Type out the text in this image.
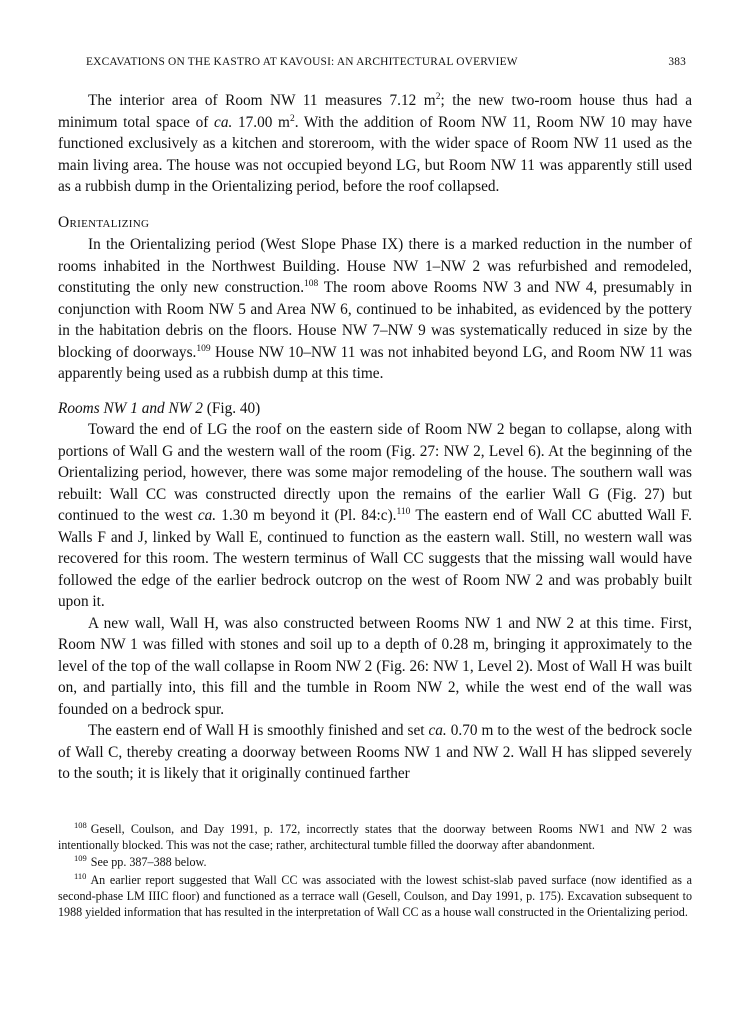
EXCAVATIONS ON THE KASTRO AT KAVOUSI: AN ARCHITECTURAL OVERVIEW	383

The interior area of Room NW 11 measures 7.12 $m^2$; the new two-room house thus had a minimum total space of ca. 17.00 $m^2$. With the addition of Room NW 11, Room NW 10 may have functioned exclusively as a kitchen and storeroom, with the wider space of Room NW 11 used as the main living area. The house was not occupied beyond LG, but Room NW 11 was apparently still used as a rubbish dump in the Orientalizing period, before the roof collapsed.

Orientalizing

In the Orientalizing period (West Slope Phase IX) there is a marked reduction in the number of rooms inhabited in the Northwest Building. House NW 1–NW 2 was refurbished and remodeled, constituting the only new construction.$^{108}$ The room above Rooms NW 3 and NW 4, presumably in conjunction with Room NW 5 and Area NW 6, continued to be inhabited, as evidenced by the pottery in the habitation debris on the floors. House NW 7–NW 9 was systematically reduced in size by the blocking of doorways.$^{109}$ House NW 10–NW 11 was not inhabited beyond LG, and Room NW 11 was apparently being used as a rubbish dump at this time.

Rooms NW 1 and NW 2 (Fig. 40)

Toward the end of LG the roof on the eastern side of Room NW 2 began to collapse, along with portions of Wall G and the western wall of the room (Fig. 27: NW 2, Level 6). At the beginning of the Orientalizing period, however, there was some major remodeling of the house. The southern wall was rebuilt: Wall CC was constructed directly upon the remains of the earlier Wall G (Fig. 27) but continued to the west ca. 1.30 m beyond it (Pl. 84:c).$^{110}$ The eastern end of Wall CC abutted Wall F. Walls F and J, linked by Wall E, continued to function as the eastern wall. Still, no western wall was recovered for this room. The western terminus of Wall CC suggests that the missing wall would have followed the edge of the earlier bedrock outcrop on the west of Room NW 2 and was probably built upon it.

A new wall, Wall H, was also constructed between Rooms NW 1 and NW 2 at this time. First, Room NW 1 was filled with stones and soil up to a depth of 0.28 m, bringing it approximately to the level of the top of the wall collapse in Room NW 2 (Fig. 26: NW 1, Level 2). Most of Wall H was built on, and partially into, this fill and the tumble in Room NW 2, while the west end of the wall was founded on a bedrock spur.

The eastern end of Wall H is smoothly finished and set ca. 0.70 m to the west of the bedrock socle of Wall C, thereby creating a doorway between Rooms NW 1 and NW 2. Wall H has slipped severely to the south; it is likely that it originally continued farther

$^{108}$ Gesell, Coulson, and Day 1991, p. 172, incorrectly states that the doorway between Rooms NW1 and NW 2 was intentionally blocked. This was not the case; rather, architectural tumble filled the doorway after abandonment.

$^{109}$ See pp. 387–388 below.

$^{110}$ An earlier report suggested that Wall CC was associated with the lowest schist-slab paved surface (now identified as a second-phase LM IIIC floor) and functioned as a terrace wall (Gesell, Coulson, and Day 1991, p. 175). Excavation subsequent to 1988 yielded information that has resulted in the interpretation of Wall CC as a house wall constructed in the Orientalizing period.
